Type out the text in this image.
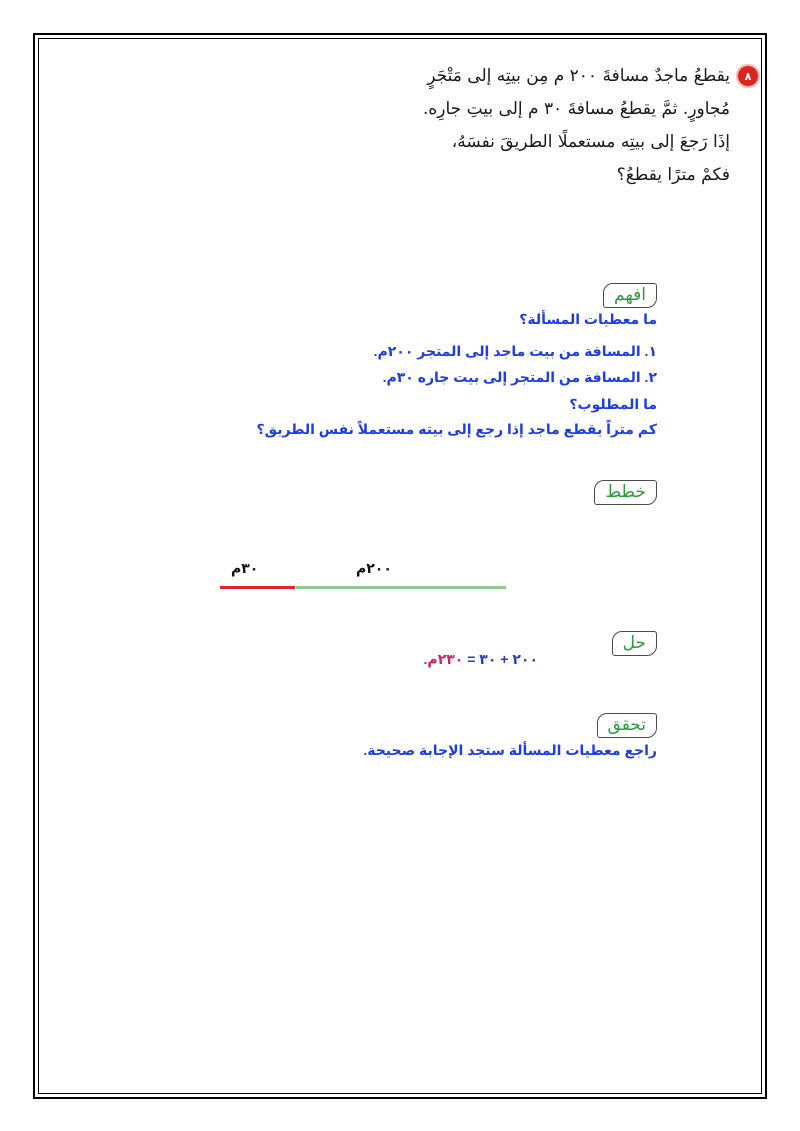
٨
يقطعُ ماجدٌ مسافةَ ٢٠٠ م مِن بيتِه إلى مَتْجَرٍ
مُجاورٍ. ثمَّ يقطعُ مسافةَ ٣٠ م إلى بيتِ جارِه.
إذَا رَجعَ إلى بيتِه مستعملًا الطريقَ نفسَهُ،
فكمْ مترًا يقطعُ؟
افهم
ما معطيات المسألة؟
١. المسافة من بيت ماجد إلى المتجر ٢٠٠م.
٢. المسافة من المتجر إلى بيت جاره ٣٠م.
ما المطلوب؟
كم متراً يقطع ماجد إذا رجع إلى بيته مستعملاً نفس الطريق؟
خطط
٣٠م	٢٠٠م
حل
٢٠٠ + ٣٠ = ٢٣٠م.
تحقق
راجع معطيات المسألة ستجد الإجابة صحيحة.
